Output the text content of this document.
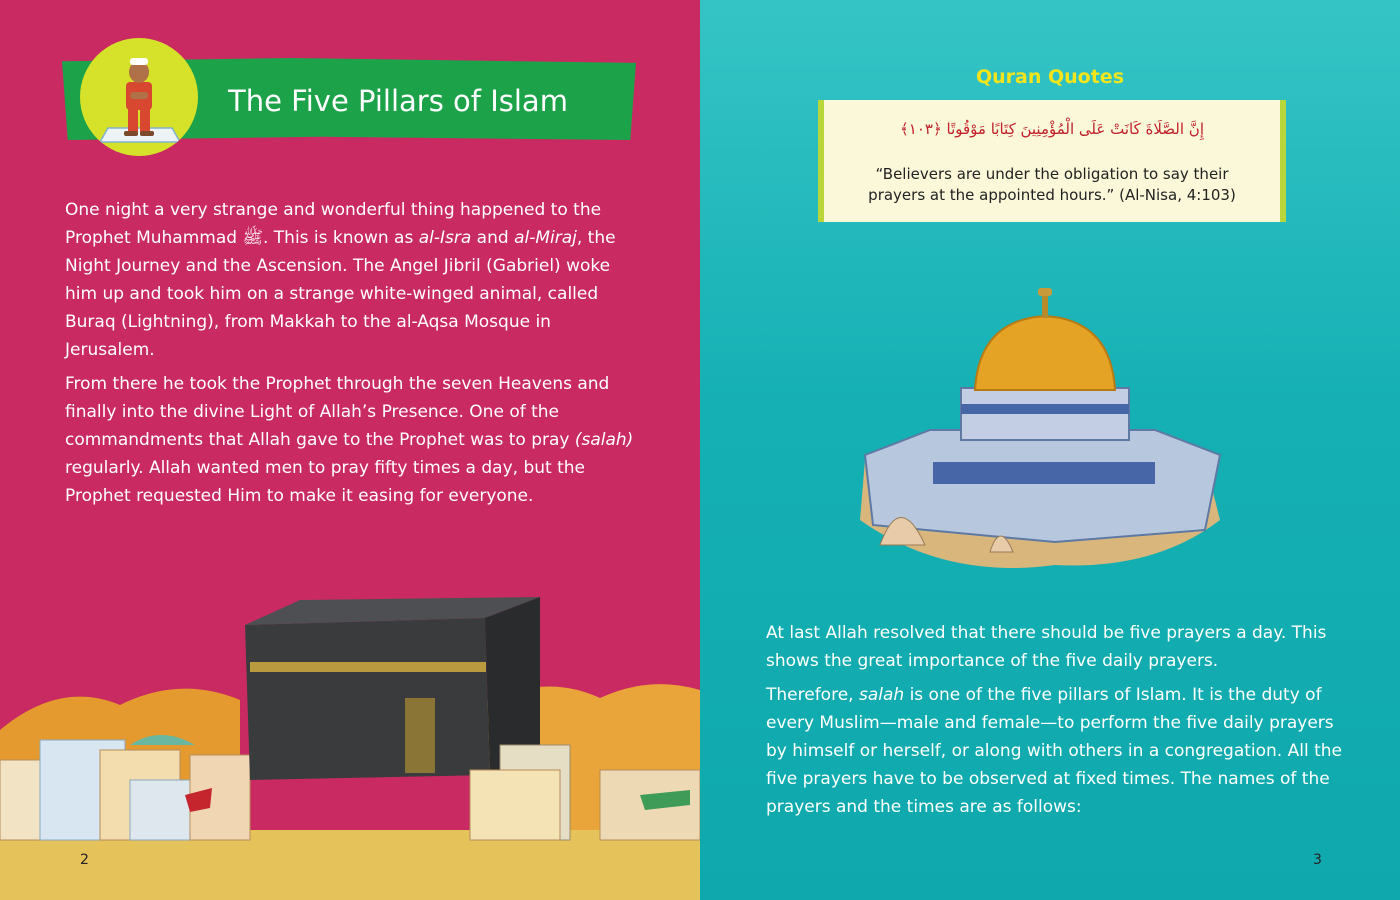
The Five Pillars of Islam

One night a very strange and wonderful thing happened to the Prophet Muhammad ﷺ. This is known as al-Isra and al-Miraj, the Night Journey and the Ascension. The Angel Jibril (Gabriel) woke him up and took him on a strange white-winged animal, called Buraq (Lightning), from Makkah to the al-Aqsa Mosque in Jerusalem.

From there he took the Prophet through the seven Heavens and finally into the divine Light of Allah’s Presence. One of the commandments that Allah gave to the Prophet was to pray (salah) regularly. Allah wanted men to pray fifty times a day, but the Prophet requested Him to make it easing for everyone.

2

At last Allah resolved that there should be five prayers a day. This shows the great importance of the five daily prayers.

Therefore, salah is one of the five pillars of Islam. It is the duty of every Muslim—male and female—to perform the five daily prayers by himself or herself, or along with others in a congregation. All the five prayers have to be observed at fixed times. The names of the prayers and the times are as follows:

3
Quran Quotes
إِنَّ الصَّلَاةَ كَانَتْ عَلَى الْمُؤْمِنِينَ كِتَابًا مَوْقُوتًا ﴿١٠٣﴾
“Believers are under the obligation to say their prayers at the appointed hours.” (Al-Nisa, 4:103)
